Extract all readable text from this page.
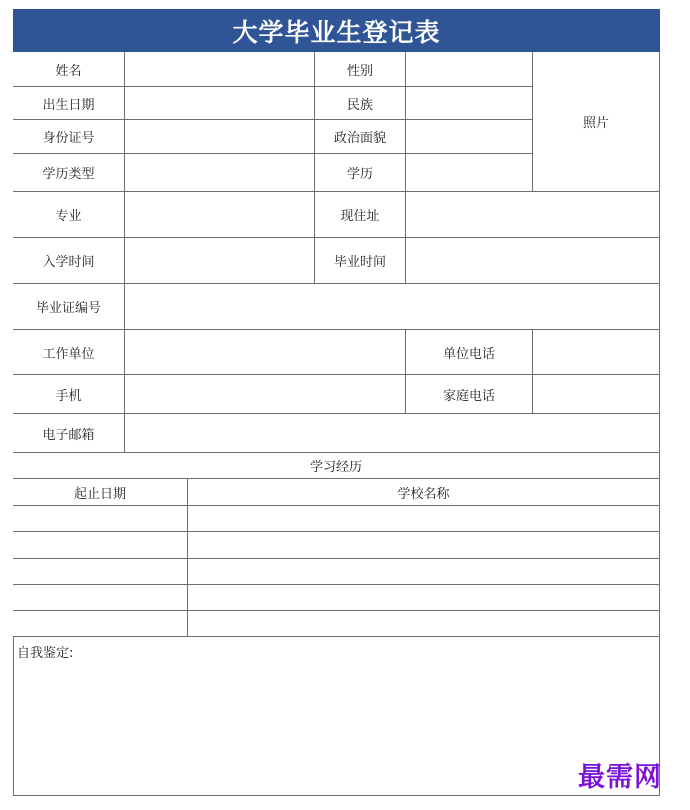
大学毕业生登记表
姓名	性别
照片
出生日期	民族
身份证号	政治面貌
学历类型	学历
专业	现住址
入学时间	毕业时间
毕业证编号
工作单位	单位电话
手机	家庭电话
电子邮箱
学习经历
起止日期	学校名称
自我鉴定:
最需网
